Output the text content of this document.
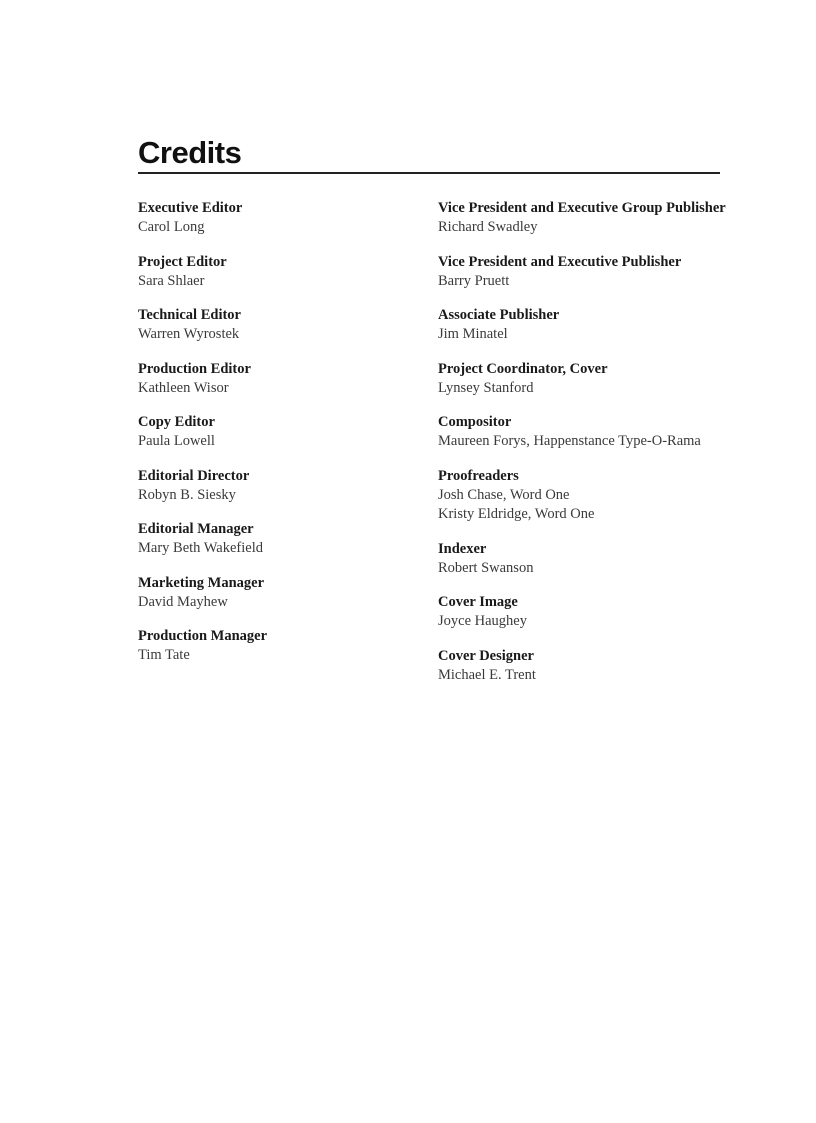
Credits
Executive Editor
Carol Long
Project Editor
Sara Shlaer
Technical Editor
Warren Wyrostek
Production Editor
Kathleen Wisor
Copy Editor
Paula Lowell
Editorial Director
Robyn B. Siesky
Editorial Manager
Mary Beth Wakefield
Marketing Manager
David Mayhew
Production Manager
Tim Tate
Vice President and Executive Group Publisher
Richard Swadley
Vice President and Executive Publisher
Barry Pruett
Associate Publisher
Jim Minatel
Project Coordinator, Cover
Lynsey Stanford
Compositor
Maureen Forys, Happenstance Type-O-Rama
Proofreaders
Josh Chase, Word One
Kristy Eldridge, Word One
Indexer
Robert Swanson
Cover Image
Joyce Haughey
Cover Designer
Michael E. Trent
